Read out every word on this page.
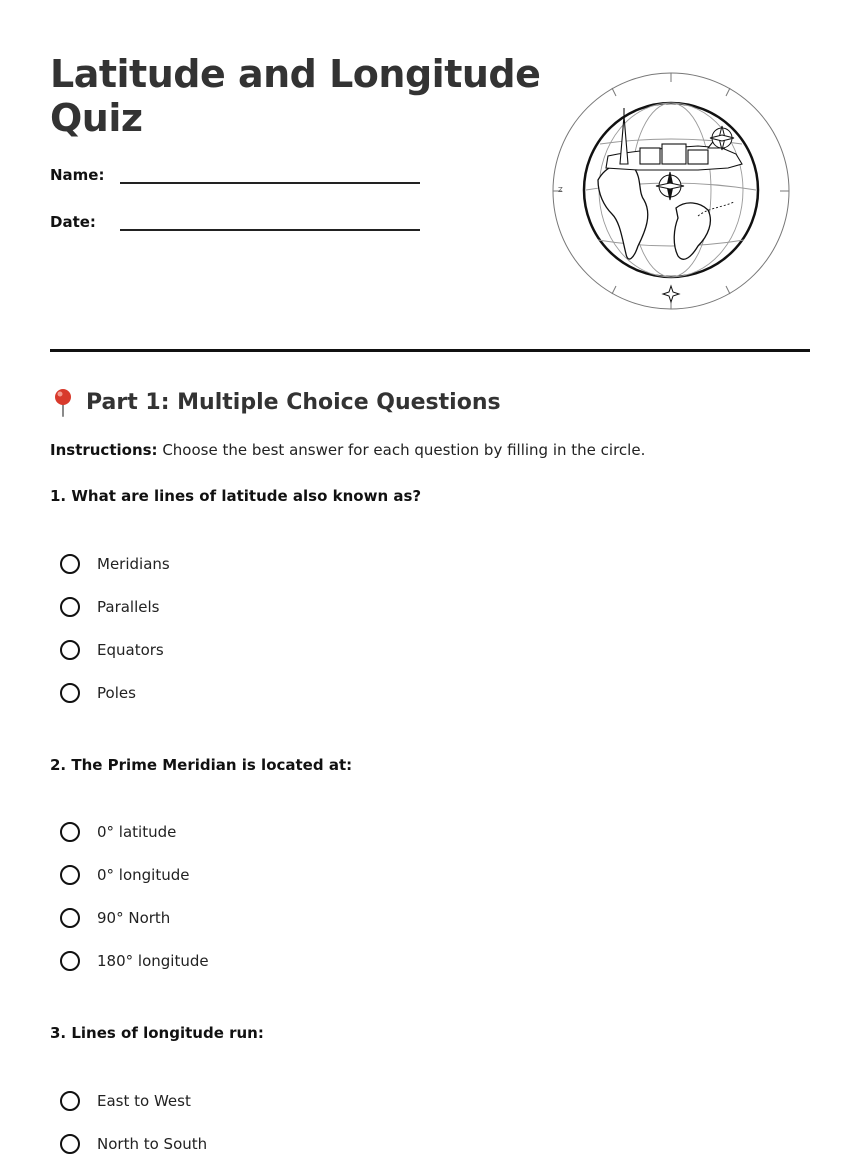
Latitude and Longitude
Quiz
Name:
Date:
Z
Part 1: Multiple Choice Questions
Instructions: Choose the best answer for each question by filling in the circle.
1. What are lines of latitude also known as?
Meridians
Parallels
Equators
Poles
2. The Prime Meridian is located at:
0° latitude
0° longitude
90° North
180° longitude
3. Lines of longitude run:
East to West
North to South
